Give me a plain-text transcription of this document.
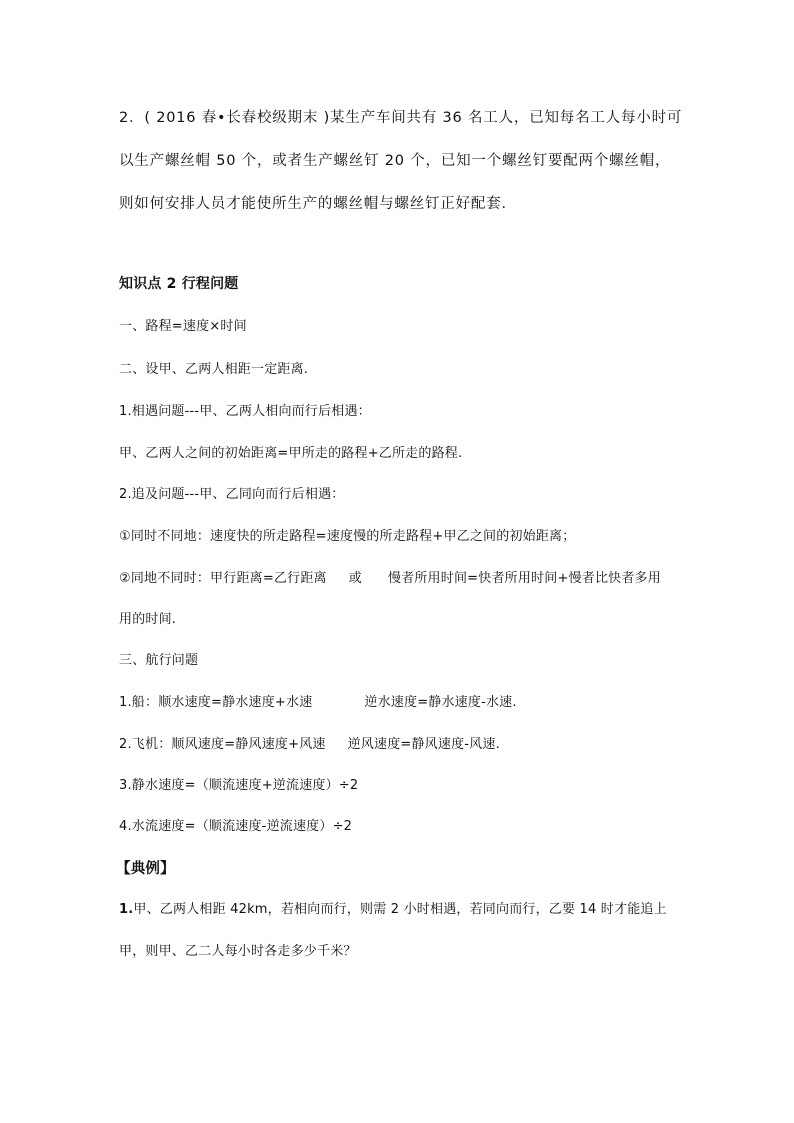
2．( 2016 春•长春校级期末 )某生产车间共有 36 名工人，已知每名工人每小时可
以生产螺丝帽 50 个，或者生产螺丝钉 20 个，已知一个螺丝钉要配两个螺丝帽，
则如何安排人员才能使所生产的螺丝帽与螺丝钉正好配套．
知识点 2 行程问题
一、路程=速度×时间
二、设甲、乙两人相距一定距离.
1.相遇问题---甲、乙两人相向而行后相遇：
甲、乙两人之间的初始距离=甲所走的路程+乙所走的路程.
2.追及问题---甲、乙同向而行后相遇：
①同时不同地：速度快的所走路程=速度慢的所走路程+甲乙之间的初始距离；
②同地不同时：甲行距离=乙行距离 或 慢者所用时间=快者所用时间+慢者比快者多用
用的时间.
三、航行问题
1.船：顺水速度=静水速度+水速	逆水速度=静水速度-水速.
2.飞机：顺风速度=静风速度+风速 逆风速度=静风速度-风速.
3.静水速度=（顺流速度+逆流速度）÷2
4.水流速度=（顺流速度-逆流速度）÷2
【典例】
1.甲、乙两人相距 42km，若相向而行，则需 2 小时相遇，若同向而行，乙要 14 时才能追上
甲，则甲、乙二人每小时各走多少千米？
